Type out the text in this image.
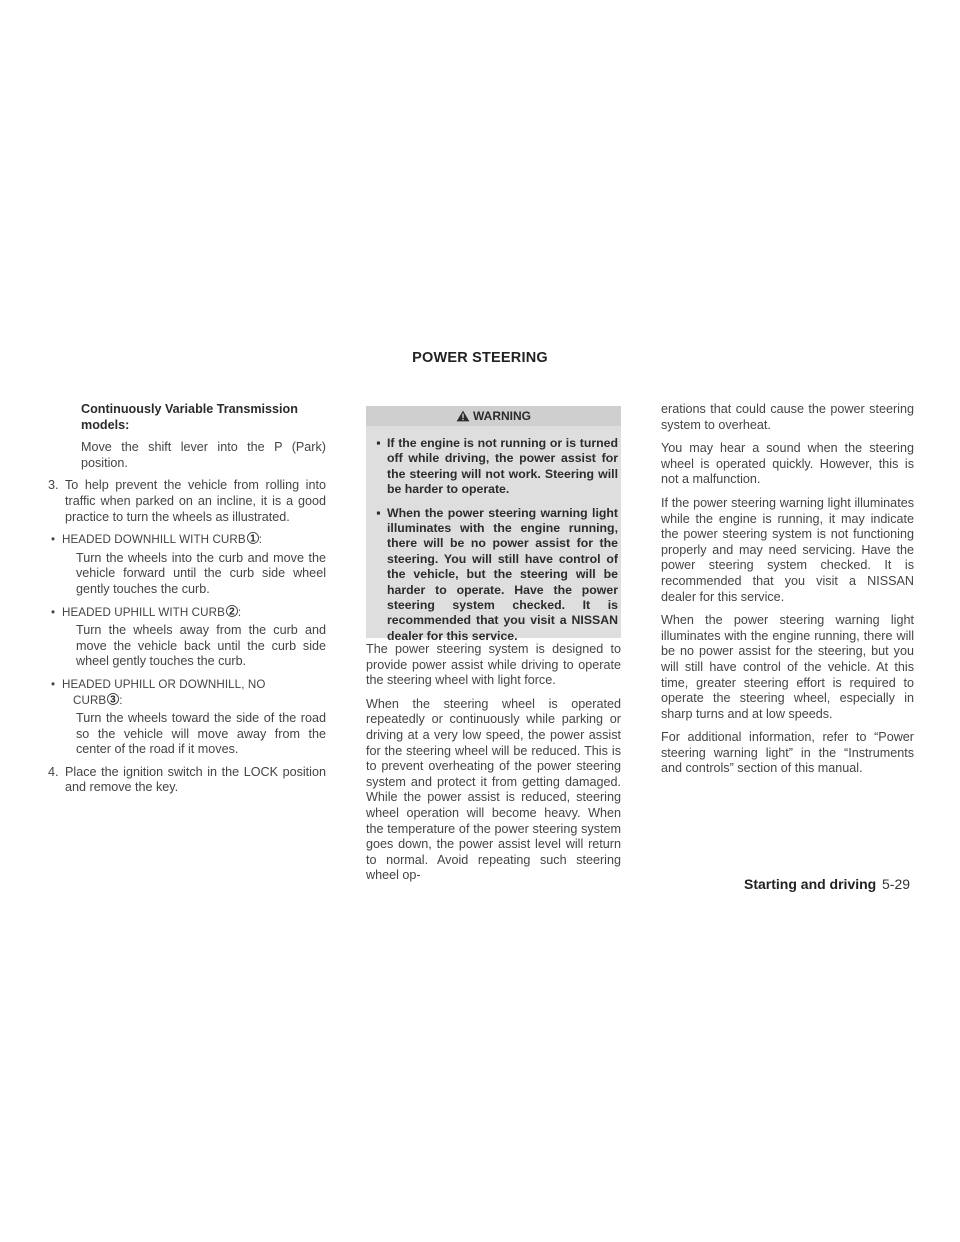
POWER STEERING

Continuously Variable Transmission models:

Move the shift lever into the P (Park) position.

3. To help prevent the vehicle from rolling into traffic when parked on an incline, it is a good practice to turn the wheels as illustrated.

• HEADED DOWNHILL WITH CURB 1 :

Turn the wheels into the curb and move the vehicle forward until the curb side wheel gently touches the curb.

• HEADED UPHILL WITH CURB 2 :

Turn the wheels away from the curb and move the vehicle back until the curb side wheel gently touches the curb.

• HEADED UPHILL OR DOWNHILL, NO
CURB 3 :

Turn the wheels toward the side of the road so the vehicle will move away from the center of the road if it moves.

4. Place the ignition switch in the LOCK position and remove the key.

WARNING
▪ If the engine is not running or is turned off while driving, the power assist for the steering will not work. Steering will be harder to operate.

▪ When the power steering warning light illuminates with the engine running, there will be no power assist for the steering. You will still have control of the vehicle, but the steering will be harder to operate. Have the power steering system checked. It is recommended that you visit a NISSAN dealer for this service.

The power steering system is designed to provide power assist while driving to operate the steering wheel with light force.

When the steering wheel is operated repeatedly or continuously while parking or driving at a very low speed, the power assist for the steering wheel will be reduced. This is to prevent overheating of the power steering system and protect it from getting damaged. While the power assist is reduced, steering wheel operation will become heavy. When the temperature of the power steering system goes down, the power assist level will return to normal. Avoid repeating such steering wheel op-

erations that could cause the power steering system to overheat.

You may hear a sound when the steering wheel is operated quickly. However, this is not a malfunction.

If the power steering warning light illuminates while the engine is running, it may indicate the power steering system is not functioning properly and may need servicing. Have the power steering system checked. It is recommended that you visit a NISSAN dealer for this service.

When the power steering warning light illuminates with the engine running, there will be no power assist for the steering, but you will still have control of the vehicle. At this time, greater steering effort is required to operate the steering wheel, especially in sharp turns and at low speeds.

For additional information, refer to “Power steering warning light” in the “Instruments and controls” section of this manual.

Starting and driving 5-29
